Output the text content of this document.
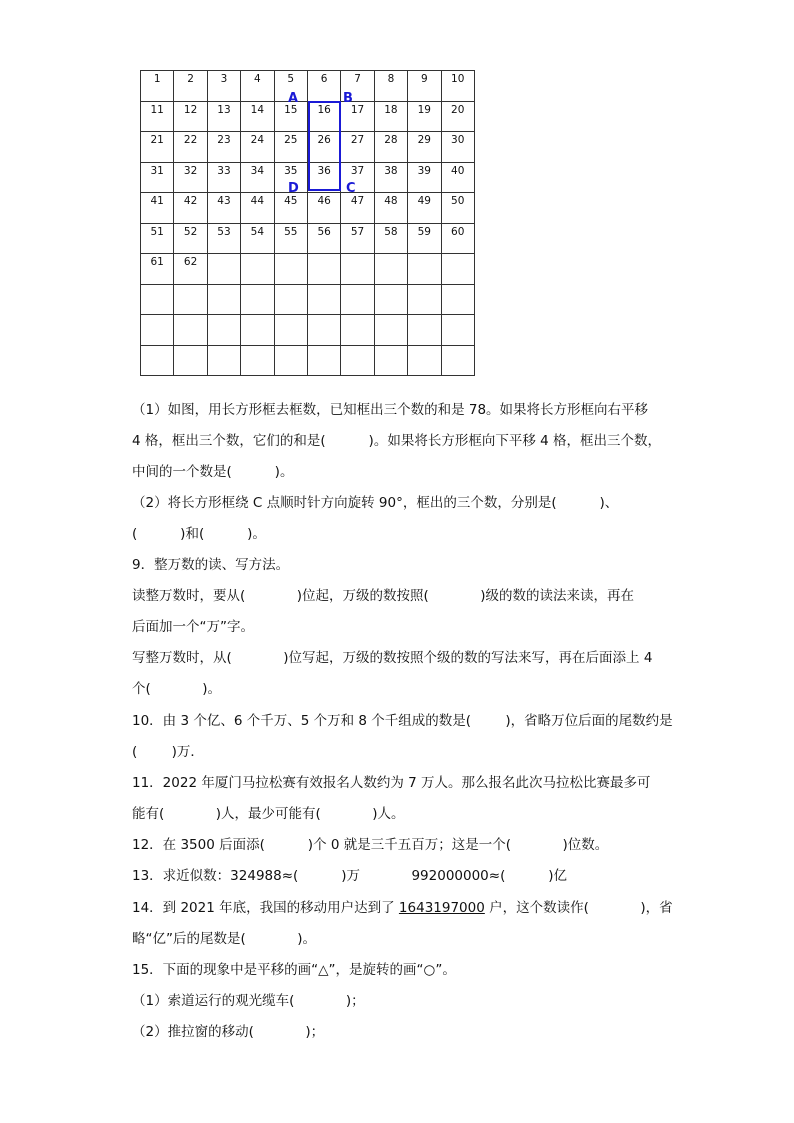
1	2	3	4	5	6	7	8	9	10
11	12	13	14	15	16	17	18	19	20
21	22	23	24	25	26	27	28	29	30
31	32	33	34	35	36	37	38	39	40
41	42	43	44	45	46	47	48	49	50
51	52	53	54	55	56	57	58	59	60
61	62								

A	B
C
D
（1）如图，用长方形框去框数，已知框出三个数的和是 78。如果将长方形框向右平移
4 格，框出三个数，它们的和是(          )。如果将长方形框向下平移 4 格，框出三个数，
中间的一个数是(          )。
（2）将长方形框绕 C 点顺时针方向旋转 90°，框出的三个数，分别是(          )、
(          )和(          )。
9．整万数的读、写方法。
读整万数时，要从(            )位起，万级的数按照(            )级的数的读法来读，再在
后面加一个“万”字。
写整万数时，从(            )位写起，万级的数按照个级的数的写法来写，再在后面添上 4
个(            )。
10．由 3 个亿、6 个千万、5 个万和 8 个千组成的数是(        )，省略万位后面的尾数约是
(        )万．
11．2022 年厦门马拉松赛有效报名人数约为 7 万人。那么报名此次马拉松比赛最多可
能有(            )人，最少可能有(            )人。
12．在 3500 后面添(          )个 0 就是三千五百万；这是一个(            )位数。
13．求近似数：324988≈(          )万            992000000≈(          )亿
14．到 2021 年底，我国的移动用户达到了 1643197000 户，这个数读作(            )，省
略“亿”后的尾数是(            )。
15．下面的现象中是平移的画“△”，是旋转的画“○”。
（1）索道运行的观光缆车(            )；
（2）推拉窗的移动(            )；
